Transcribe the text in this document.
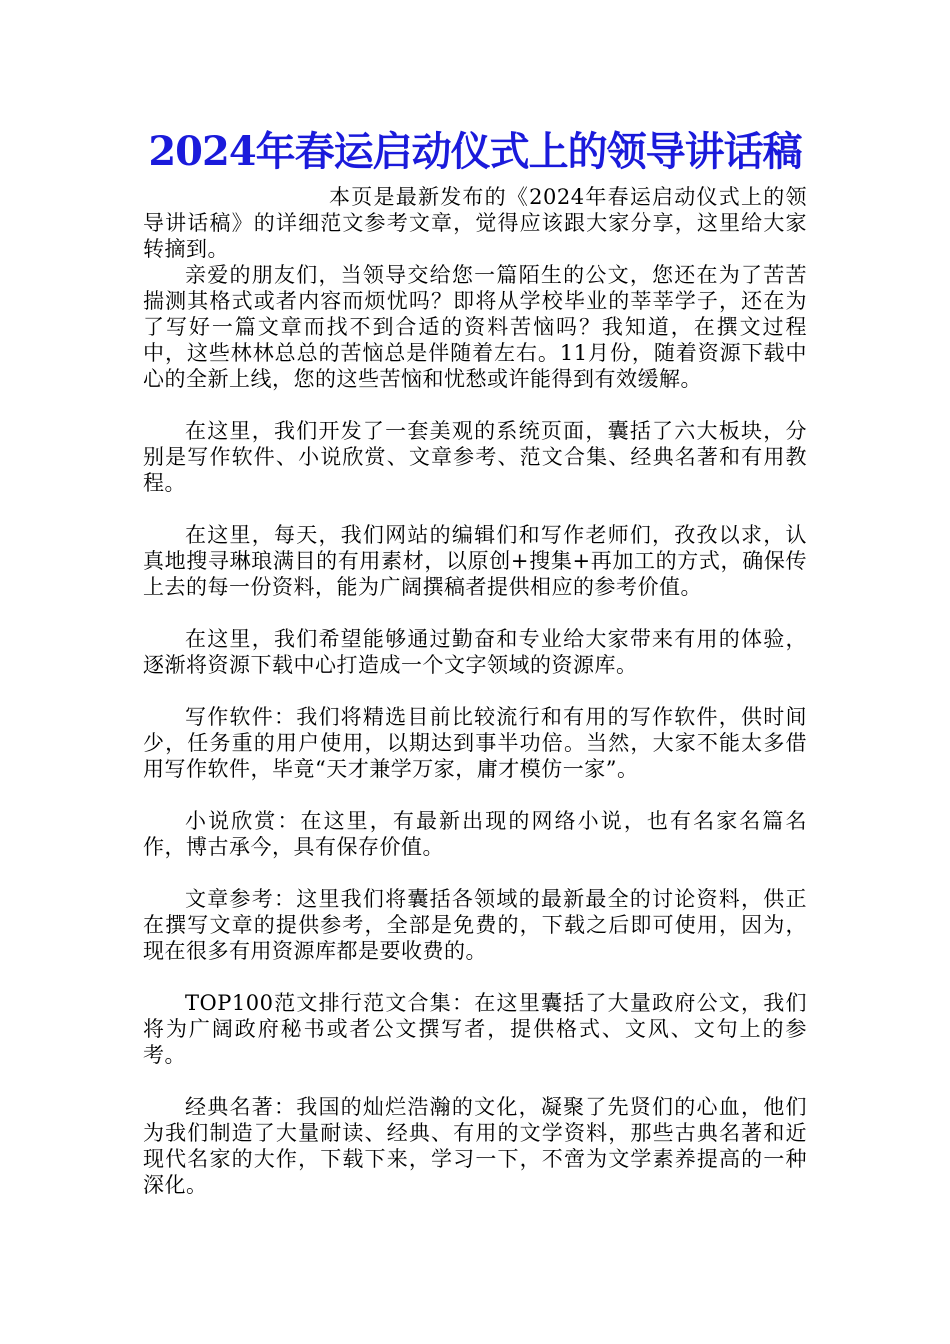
2024年春运启动仪式上的领导讲话稿

本页是最新发布的《2024年春运启动仪式上的领导讲话稿》的详细范文参考文章，觉得应该跟大家分享，这里给大家转摘到。

亲爱的朋友们，当领导交给您一篇陌生的公文，您还在为了苦苦揣测其格式或者内容而烦忧吗？即将从学校毕业的莘莘学子，还在为了写好一篇文章而找不到合适的资料苦恼吗？我知道，在撰文过程中，这些林林总总的苦恼总是伴随着左右。11月份，随着资源下载中心的全新上线，您的这些苦恼和忧愁或许能得到有效缓解。

在这里，我们开发了一套美观的系统页面，囊括了六大板块，分别是写作软件、小说欣赏、文章参考、范文合集、经典名著和有用教程。

在这里，每天，我们网站的编辑们和写作老师们，孜孜以求，认真地搜寻琳琅满目的有用素材，以原创+搜集+再加工的方式，确保传上去的每一份资料，能为广阔撰稿者提供相应的参考价值。

在这里，我们希望能够通过勤奋和专业给大家带来有用的体验，逐渐将资源下载中心打造成一个文字领域的资源库。

写作软件：我们将精选目前比较流行和有用的写作软件，供时间少，任务重的用户使用，以期达到事半功倍。当然，大家不能太多借用写作软件，毕竟“天才兼学万家，庸才模仿一家”。

小说欣赏：在这里，有最新出现的网络小说，也有名家名篇名作，博古承今，具有保存价值。

文章参考：这里我们将囊括各领域的最新最全的讨论资料，供正在撰写文章的提供参考，全部是免费的，下载之后即可使用，因为，现在很多有用资源库都是要收费的。

TOP100范文排行范文合集：在这里囊括了大量政府公文，我们将为广阔政府秘书或者公文撰写者，提供格式、文风、文句上的参考。

经典名著：我国的灿烂浩瀚的文化，凝聚了先贤们的心血，他们为我们制造了大量耐读、经典、有用的文学资料，那些古典名著和近现代名家的大作，下载下来，学习一下，不啻为文学素养提高的一种深化。
